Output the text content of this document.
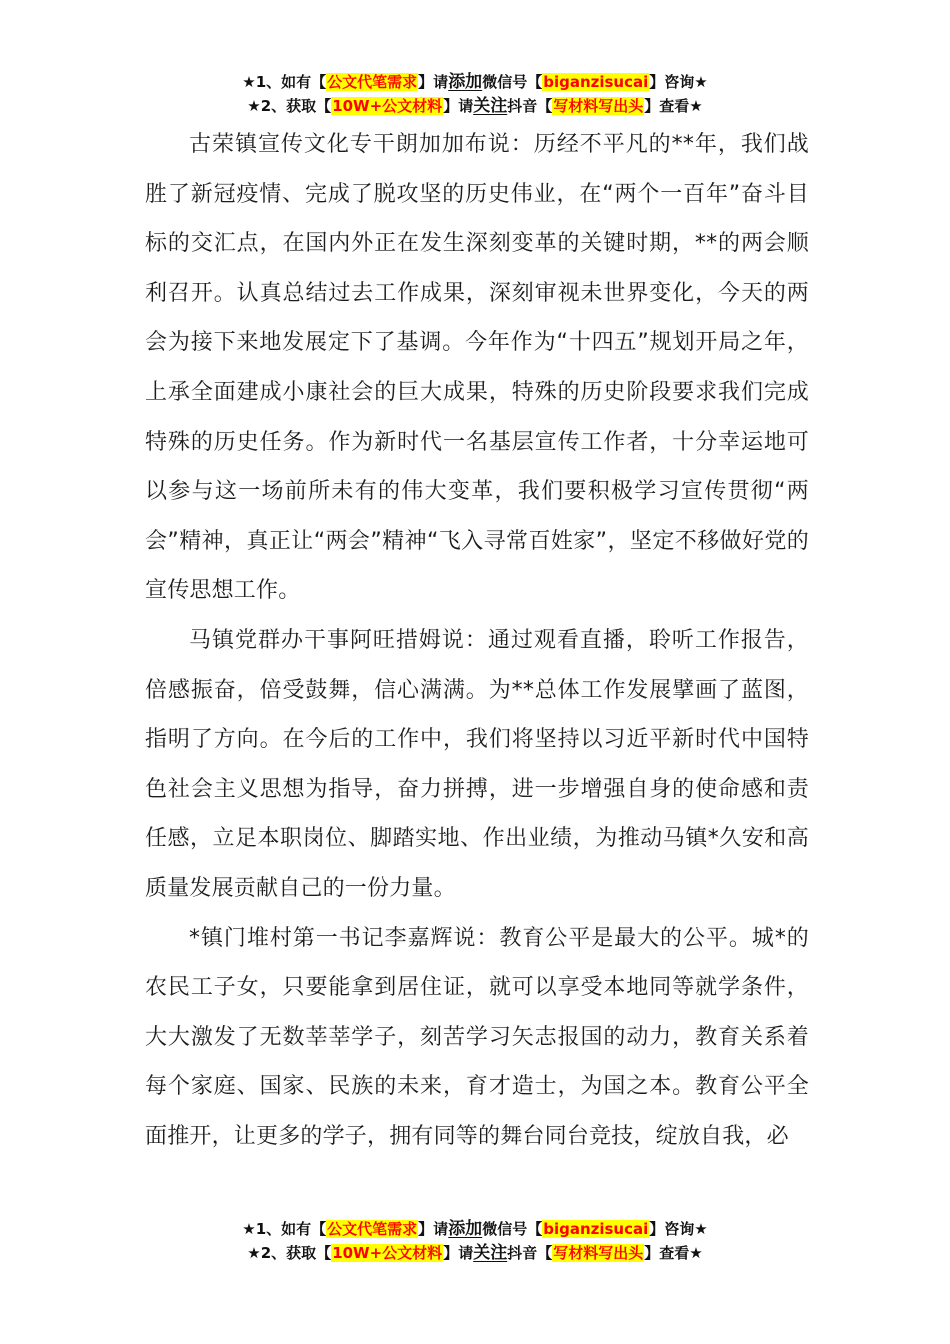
★1、如有【公文代笔需求】请添加微信号【biganzisucai】咨询★
★2、获取【10W+公文材料】请关注抖音【写材料写出头】查看★

古荣镇宣传文化专干朗加加布说：历经不平凡的**年，我们战胜了新冠疫情、完成了脱攻坚的历史伟业，在“两个一百年”奋斗目标的交汇点，在国内外正在发生深刻变革的关键时期，**的两会顺利召开。认真总结过去工作成果，深刻审视未世界变化，今天的两会为接下来地发展定下了基调。今年作为“十四五”规划开局之年，上承全面建成小康社会的巨大成果，特殊的历史阶段要求我们完成特殊的历史任务。作为新时代一名基层宣传工作者，十分幸运地可以参与这一场前所未有的伟大变革，我们要积极学习宣传贯彻“两会”精神，真正让“两会”精神“飞入寻常百姓家”，坚定不移做好党的宣传思想工作。

马镇党群办干事阿旺措姆说：通过观看直播，聆听工作报告，倍感振奋，倍受鼓舞，信心满满。为**总体工作发展擘画了蓝图，指明了方向。在今后的工作中，我们将坚持以习近平新时代中国特色社会主义思想为指导，奋力拼搏，进一步增强自身的使命感和责任感，立足本职岗位、脚踏实地、作出业绩，为推动马镇*久安和高质量发展贡献自己的一份力量。

*镇门堆村第一书记李嘉辉说：教育公平是最大的公平。城*的农民工子女，只要能拿到居住证，就可以享受本地同等就学条件，大大激发了无数莘莘学子，刻苦学习矢志报国的动力，教育关系着每个家庭、国家、民族的未来，育才造士，为国之本。教育公平全面推开，让更多的学子，拥有同等的舞台同台竞技，绽放自我，必

★1、如有【公文代笔需求】请添加微信号【biganzisucai】咨询★
★2、获取【10W+公文材料】请关注抖音【写材料写出头】查看★
